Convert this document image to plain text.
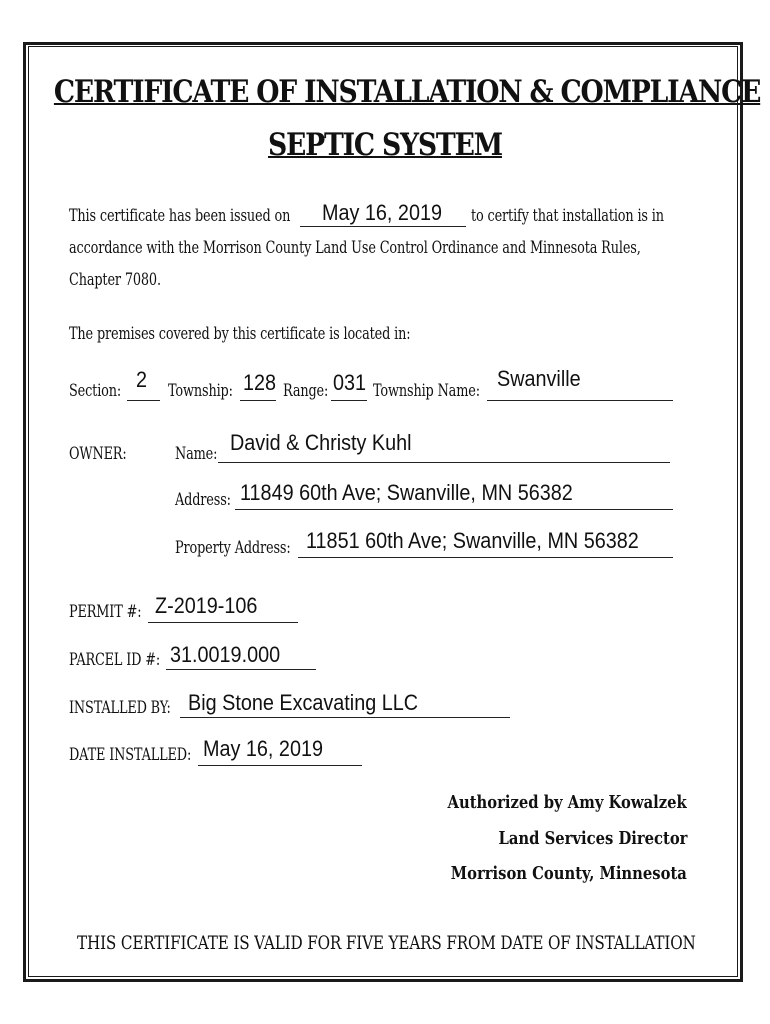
CERTIFICATE OF INSTALLATION & COMPLIANCE
SEPTIC SYSTEM
This certificate has been issued on May 16, 2019 to certify that installation is in
accordance with the Morrison County Land Use Control Ordinance and Minnesota Rules,
Chapter 7080.
The premises covered by this certificate is located in:
Section: 2 Township: 128 Range: 031 Township Name: Swanville
OWNER:	Name: David & Christy Kuhl
Address: 11849 60th Ave; Swanville, MN 56382
Property Address: 11851 60th Ave; Swanville, MN 56382
PERMIT #: Z-2019-106
PARCEL ID #: 31.0019.000
INSTALLED BY: Big Stone Excavating LLC
DATE INSTALLED: May 16, 2019
Authorized by Amy Kowalzek
Land Services Director
Morrison County, Minnesota
THIS CERTIFICATE IS VALID FOR FIVE YEARS FROM DATE OF INSTALLATION
